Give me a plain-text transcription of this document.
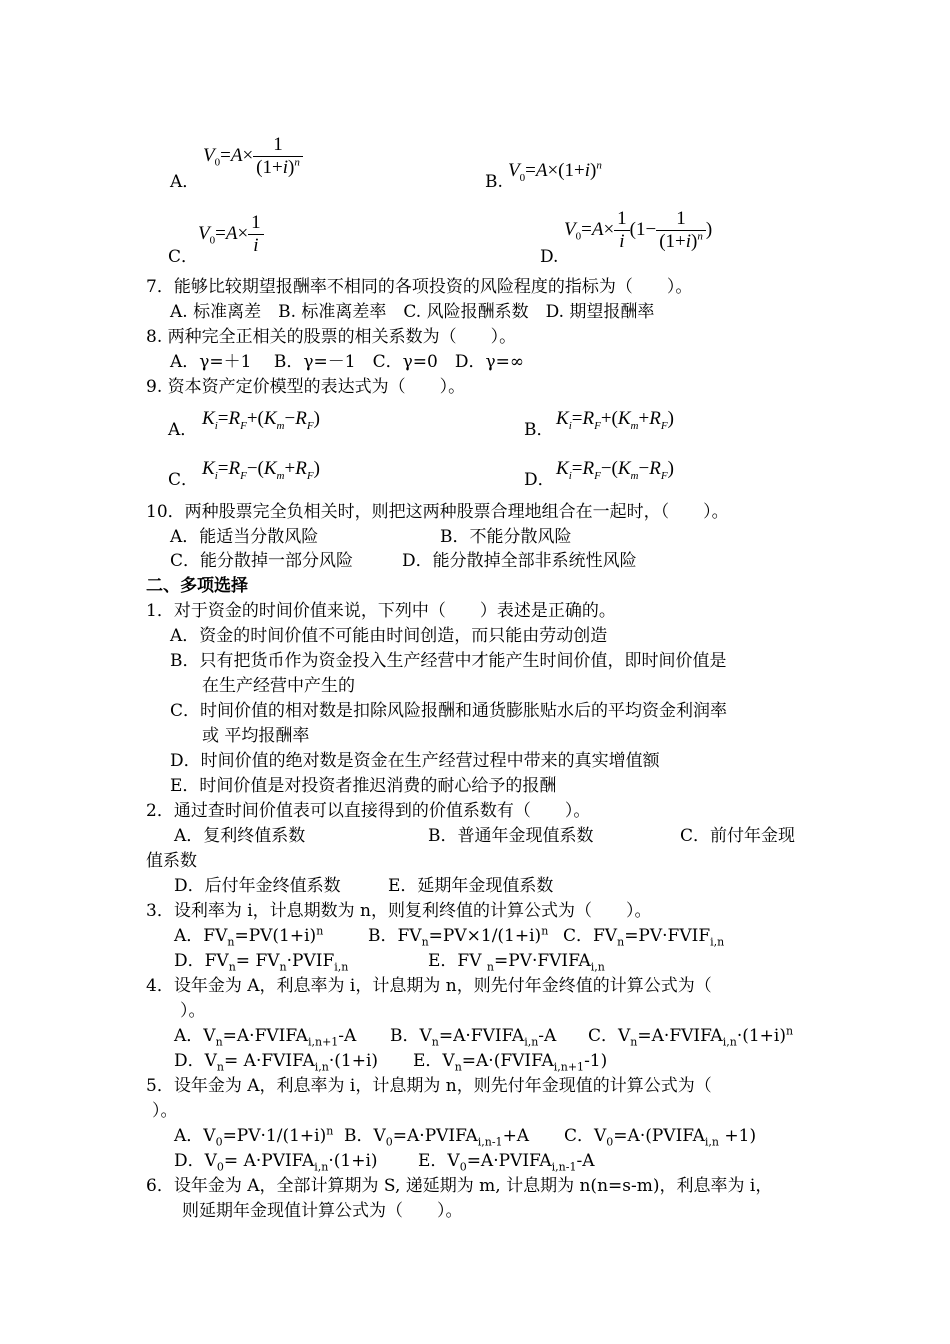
A．
$V_0=A\times \frac{1}{(1+i)^n}$
B.
$V_0=A\times(1+i)^n$
C．
$V_0=A\times \frac{1}{i}$	D.
$V_0=A\times \frac{1}{i} (1- \frac{1}{(1+i)^n}$ )
7．能够比较期望报酬率不相同的各项投资的风险程度的指标为（　　）。
A. 标准离差　B. 标准离差率　C. 风险报酬系数　D. 期望报酬率
8. 两种完全正相关的股票的相关系数为（　　）。
A．γ=＋1　 B．γ=－1　C．γ=0　D．γ=∞
9. 资本资产定价模型的表达式为（　　）。
A．
$K_i=R_F+(K_m-R_F)$
B．
$K_i=R_F+(K_m+R_F)$
C．
$K_i=R_F-(K_m+R_F)$
D．
$K_i=R_F-(K_m-R_F)$
10．两种股票完全负相关时，则把这两种股票合理地组合在一起时，（　　）。
A．能适当分散风险	B．不能分散风险
C．能分散掉一部分风险	D．能分散掉全部非系统性风险
二、多项选择
1．对于资金的时间价值来说，下列中（　　）表述是正确的。
A．资金的时间价值不可能由时间创造，而只能由劳动创造
B．只有把货币作为资金投入生产经营中才能产生时间价值，即时间价值是
在生产经营中产生的
C．时间价值的相对数是扣除风险报酬和通货膨胀贴水后的平均资金利润率
或 平均报酬率
D．时间价值的绝对数是资金在生产经营过程中带来的真实增值额
E．时间价值是对投资者推迟消费的耐心给予的报酬
2．通过查时间价值表可以直接得到的价值系数有（　　）。
A．复利终值系数	B．普通年金现值系数	C．前付年金现
值系数
D．后付年金终值系数	E．延期年金现值系数
3．设利率为 i，计息期数为 n，则复利终值的计算公式为（　　）。
A．$FV_n=PV(1+i)^n$	B．$FV_n=PV\times 1/(1+i)^n$ C．$FV_n=PV\cdot FVIF_{i,n}$
D．$FV_n=$ $FV_n\cdot PVIF_{i,n}$	E．FV $_n=PV\cdot FVIFA_{i,n}$
4．设年金为 A，利息率为 i，计息期为 n，则先付年金终值的计算公式为（
）。
A．$V_n=A\cdot FVIFA_{i,n+1}-A$ B．$V_n=A\cdot FVIFA_{i,n}-A$ C．$V_n=A\cdot FVIFA_{i,n}\cdot(1+i)^n$
D．$V_n=$ $A\cdot FVIFA_{i,n}\cdot(1+i)$ E．$V_n=A\cdot(FVIFA_{i,n+1}-1)$
5．设年金为 A，利息率为 i，计息期为 n，则先付年金现值的计算公式为（
）。
A．$V_0=PV\cdot 1/(1+i)^n$ B．$V_0=A\cdot PVIFA_{i,n-1}+A$ C．$V_0=A\cdot(PVIFA_{i,n} +1)$
D．$V_0=$ $A\cdot PVIFA_{i,n}\cdot(1+i)$ E．$V_0=A\cdot PVIFA_{i,n-1}-A$
6．设年金为 A，全部计算期为 S, 递延期为 m, 计息期为 n(n=s-m)，利息率为 i，
则延期年金现值计算公式为（　　）。
